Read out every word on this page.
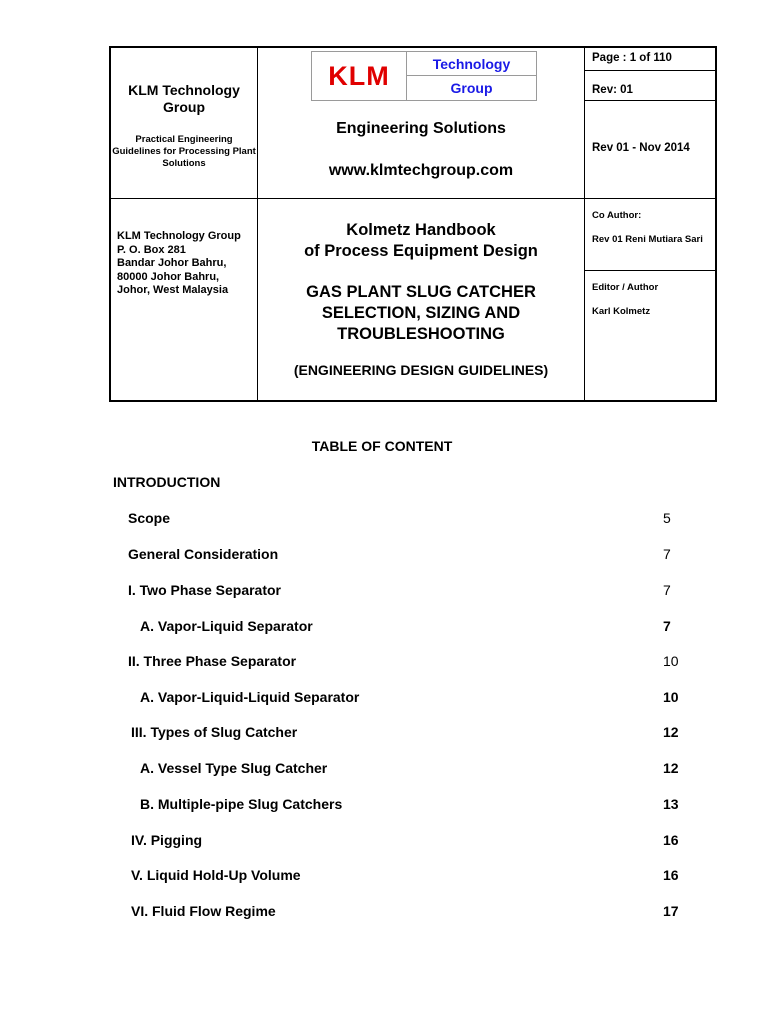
KLM Technology Group
Practical Engineering Guidelines for Processing Plant Solutions
KLM	Technology
Group
Engineering Solutions
www.klmtechgroup.com
Page : 1 of 110
Rev: 01
Rev 01 - Nov 2014
KLM Technology Group
P. O. Box 281
Bandar Johor Bahru,
80000 Johor Bahru,
Johor, West Malaysia
Kolmetz Handbook
of Process Equipment Design
GAS PLANT SLUG CATCHER
SELECTION, SIZING AND
TROUBLESHOOTING
(ENGINEERING DESIGN GUIDELINES)
Co Author:
Rev 01 Reni Mutiara Sari
Editor / Author
Karl Kolmetz
TABLE OF CONTENT
INTRODUCTION
Scope	5
General Consideration	7
I. Two Phase Separator	7
A. Vapor-Liquid Separator	7
II. Three Phase Separator	10
A. Vapor-Liquid-Liquid Separator	10
III. Types of Slug Catcher	12
A. Vessel Type Slug Catcher	12
B. Multiple-pipe Slug Catchers	13
IV. Pigging	16
V. Liquid Hold-Up Volume	16
VI. Fluid Flow Regime	17
